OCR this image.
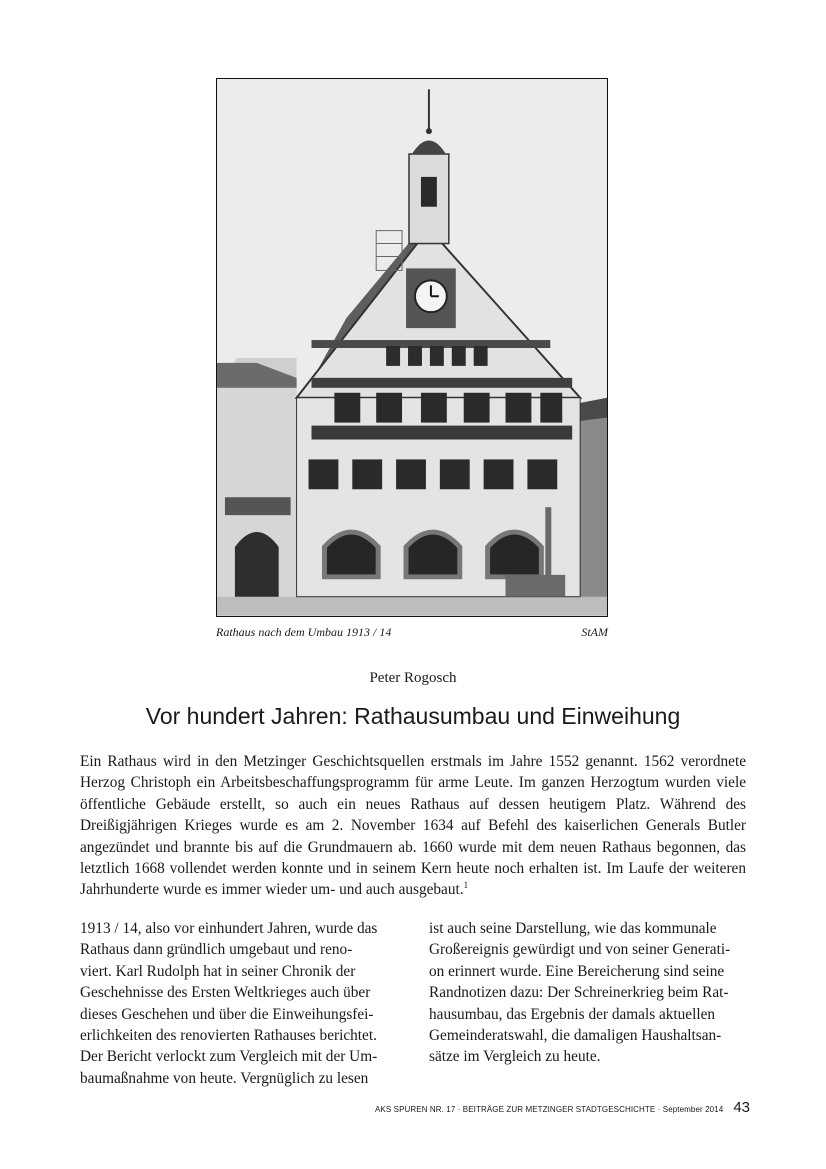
Rathaus nach dem Umbau 1913 / 14	StAM
Peter Rogosch
Vor hundert Jahren: Rathausumbau und Einweihung

Ein Rathaus wird in den Metzinger Geschichtsquellen erstmals im Jahre 1552 genannt. 1562 verordnete Herzog Christoph ein Arbeitsbeschaffungsprogramm für arme Leute. Im ganzen Herzogtum wurden viele öffentliche Gebäude erstellt, so auch ein neues Rathaus auf dessen heutigem Platz. Während des Dreißigjährigen Krieges wurde es am 2. November 1634 auf Befehl des kaiserlichen Generals Butler angezündet und brannte bis auf die Grundmauern ab. 1660 wurde mit dem neuen Rathaus begonnen, das letztlich 1668 vollendet werden konnte und in seinem Kern heute noch erhalten ist. Im Laufe der weiteren Jahrhunderte wurde es immer wieder um- und auch ausgebaut.$^1$

1913 / 14, also vor einhundert Jahren, wurde das
Rathaus dann gründlich umgebaut und reno-
viert. Karl Rudolph hat in seiner Chronik der
Geschehnisse des Ersten Weltkrieges auch über
dieses Geschehen und über die Einweihungsfei-
erlichkeiten des renovierten Rathauses berichtet.
Der Bericht verlockt zum Vergleich mit der Um-
baumaßnahme von heute. Vergnüglich zu lesen
ist auch seine Darstellung, wie das kommunale
Großereignis gewürdigt und von seiner Generati-
on erinnert wurde. Eine Bereicherung sind seine
Randnotizen dazu: Der Schreinerkrieg beim Rat-
hausumbau, das Ergebnis der damals aktuellen
Gemeinderatswahl, die damaligen Haushaltsan-
sätze im Vergleich zu heute.
AKS SPUREN NR. 17 · BEITRÄGE ZUR METZINGER STADTGESCHICHTE · September 2014 43
